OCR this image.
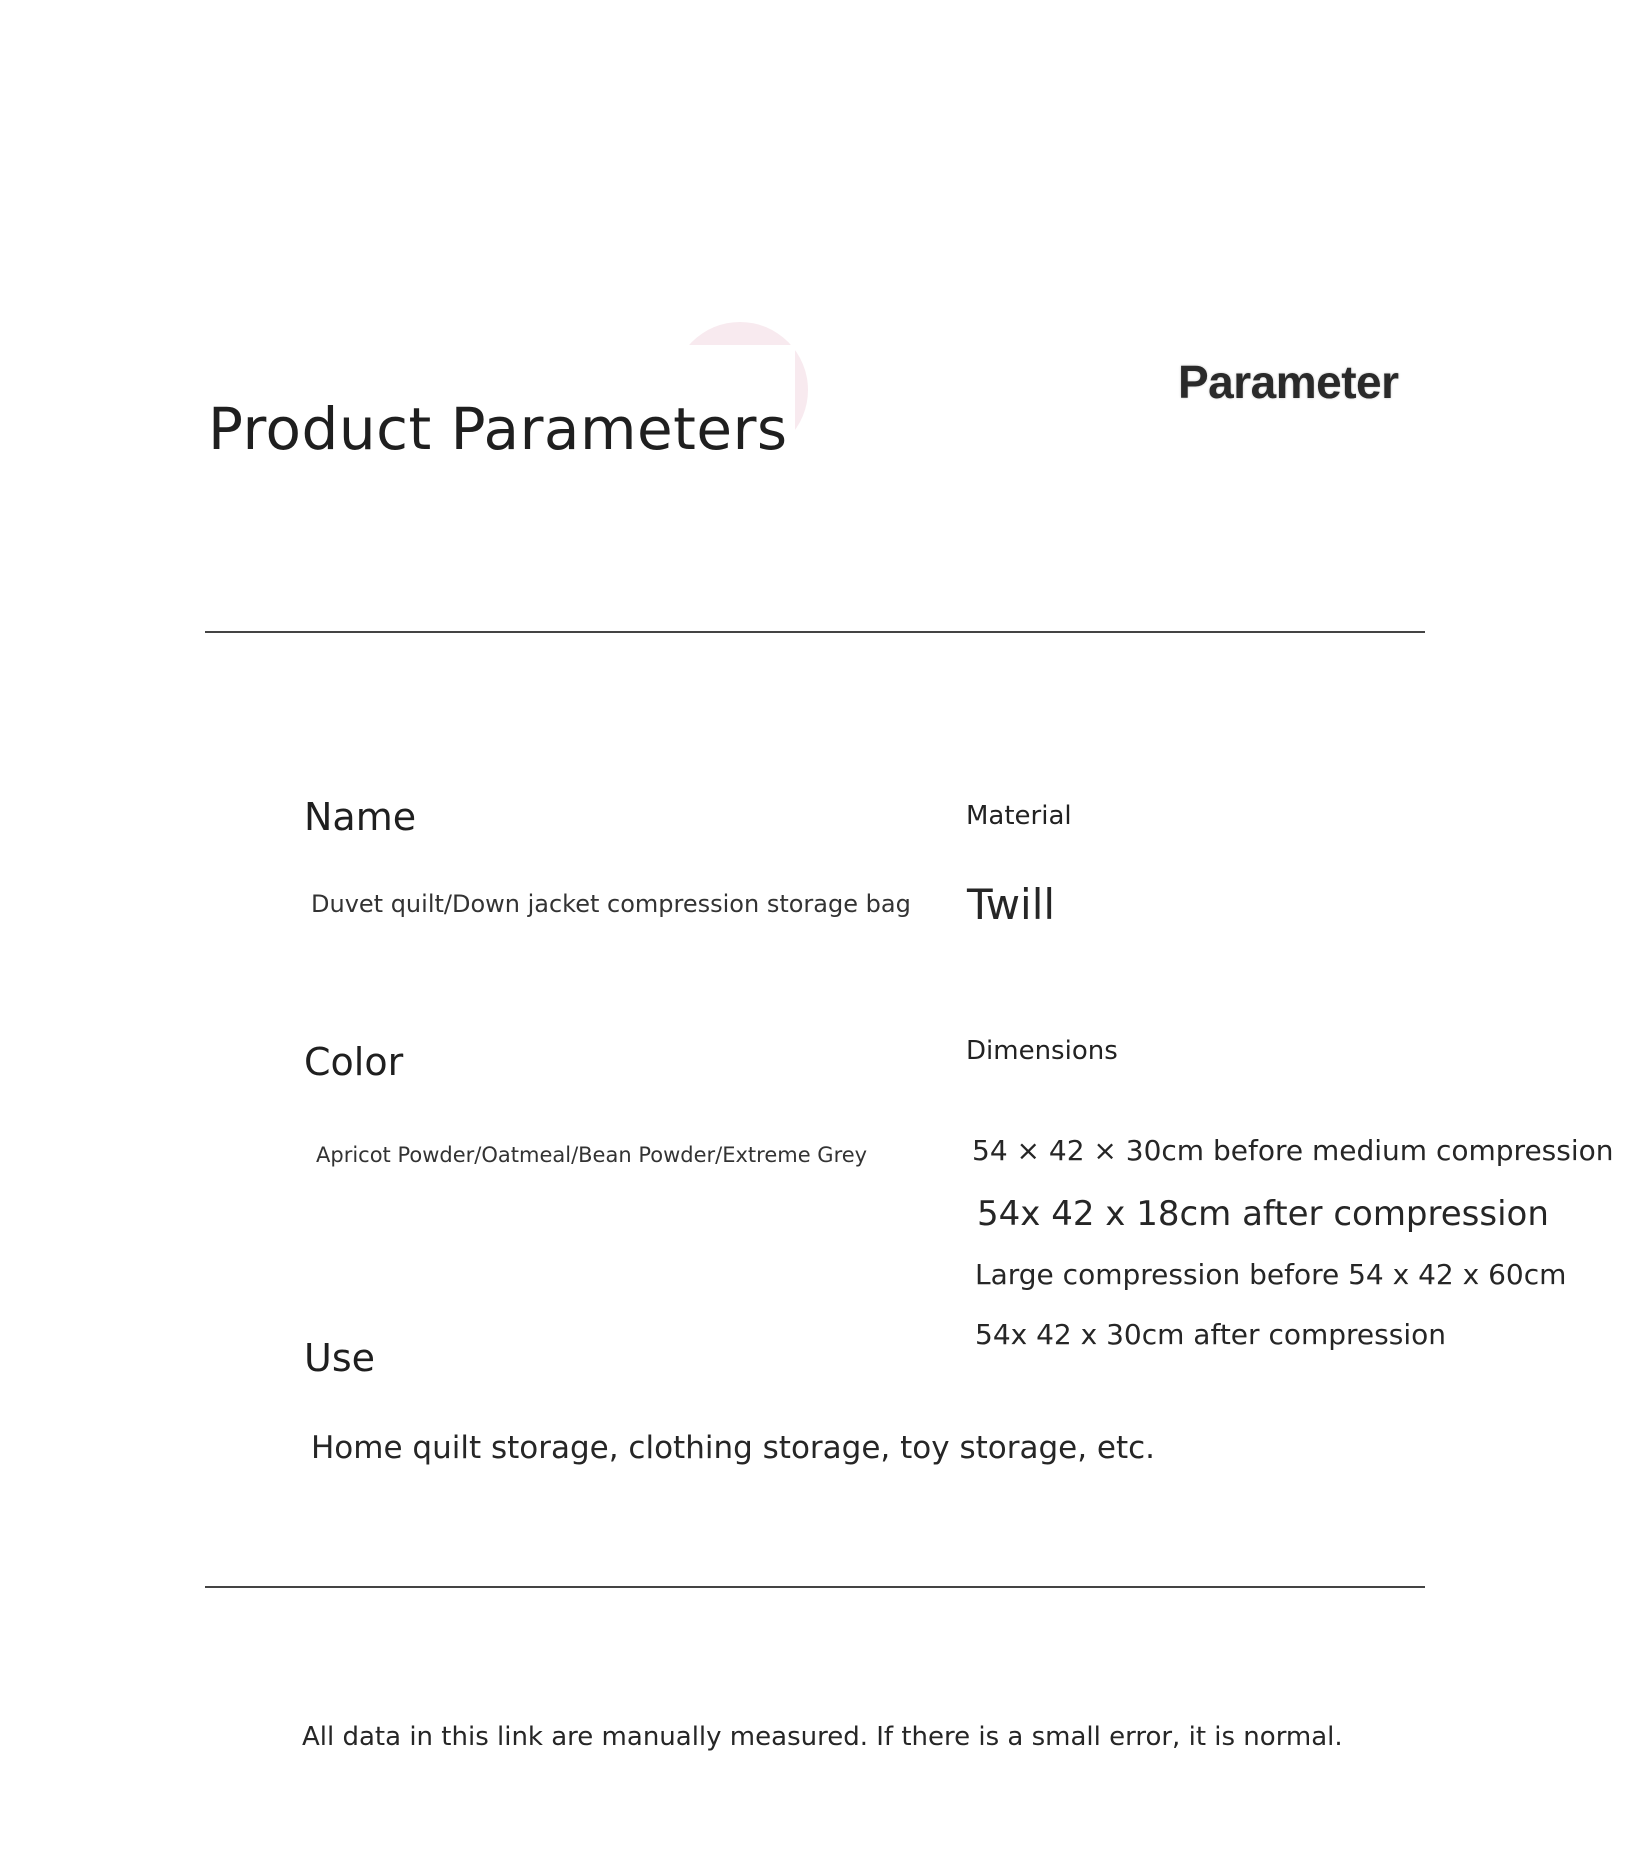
Product Parameters
Parameter
Name
Duvet quilt/Down jacket compression storage bag
Material
Twill
Color
Apricot Powder/Oatmeal/Bean Powder/Extreme Grey
Dimensions
54 × 42 × 30cm before medium compression
54x 42 x 18cm after compression
Large compression before 54 x 42 x 60cm
54x 42 x 30cm after compression
Use
Home quilt storage, clothing storage, toy storage, etc.

All data in this link are manually measured. If there is a small error, it is normal.
